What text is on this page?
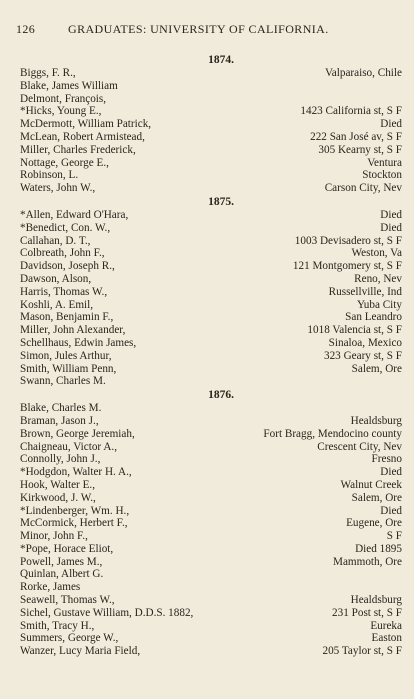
126	GRADUATES: UNIVERSITY OF CALIFORNIA.
1874.
Biggs, F. R.,	Valparaiso, Chile
Blake, James William
Delmont, François,
*Hicks, Young E.,	1423 California st, S F
McDermott, William Patrick,	Died
McLean, Robert Armistead,	222 San José av, S F
Miller, Charles Frederick,	305 Kearny st, S F
Nottage, George E.,	Ventura
Robinson, L.	Stockton
Waters, John W.,	Carson City, Nev
1875.
*Allen, Edward O'Hara,	Died
*Benedict, Con. W.,	Died
Callahan, D. T.,	1003 Devisadero st, S F
Colbreath, John F.,	Weston, Va
Davidson, Joseph R.,	121 Montgomery st, S F
Dawson, Alson,	Reno, Nev
Harris, Thomas W.,	Russellville, Ind
Koshli, A. Emil,	Yuba City
Mason, Benjamin F.,	San Leandro
Miller, John Alexander,	1018 Valencia st, S F
Schellhaus, Edwin James,	Sinaloa, Mexico
Simon, Jules Arthur,	323 Geary st, S F
Smith, William Penn,	Salem, Ore
Swann, Charles M.
1876.
Blake, Charles M.
Braman, Jason J.,	Healdsburg
Brown, George Jeremiah,	Fort Bragg, Mendocino county
Chaigneau, Victor A.,	Crescent City, Nev
Connolly, John J.,	Fresno
*Hodgdon, Walter H. A.,	Died
Hook, Walter E.,	Walnut Creek
Kirkwood, J. W.,	Salem, Ore
*Lindenberger, Wm. H.,	Died
McCormick, Herbert F.,	Eugene, Ore
Minor, John F.,	S F
*Pope, Horace Eliot,	Died 1895
Powell, James M.,	Mammoth, Ore
Quinlan, Albert G.
Rorke, James
Seawell, Thomas W.,	Healdsburg
Sichel, Gustave William, D.D.S. 1882,	231 Post st, S F
Smith, Tracy H.,	Eureka
Summers, George W.,	Easton
Wanzer, Lucy Maria Field,	205 Taylor st, S F
